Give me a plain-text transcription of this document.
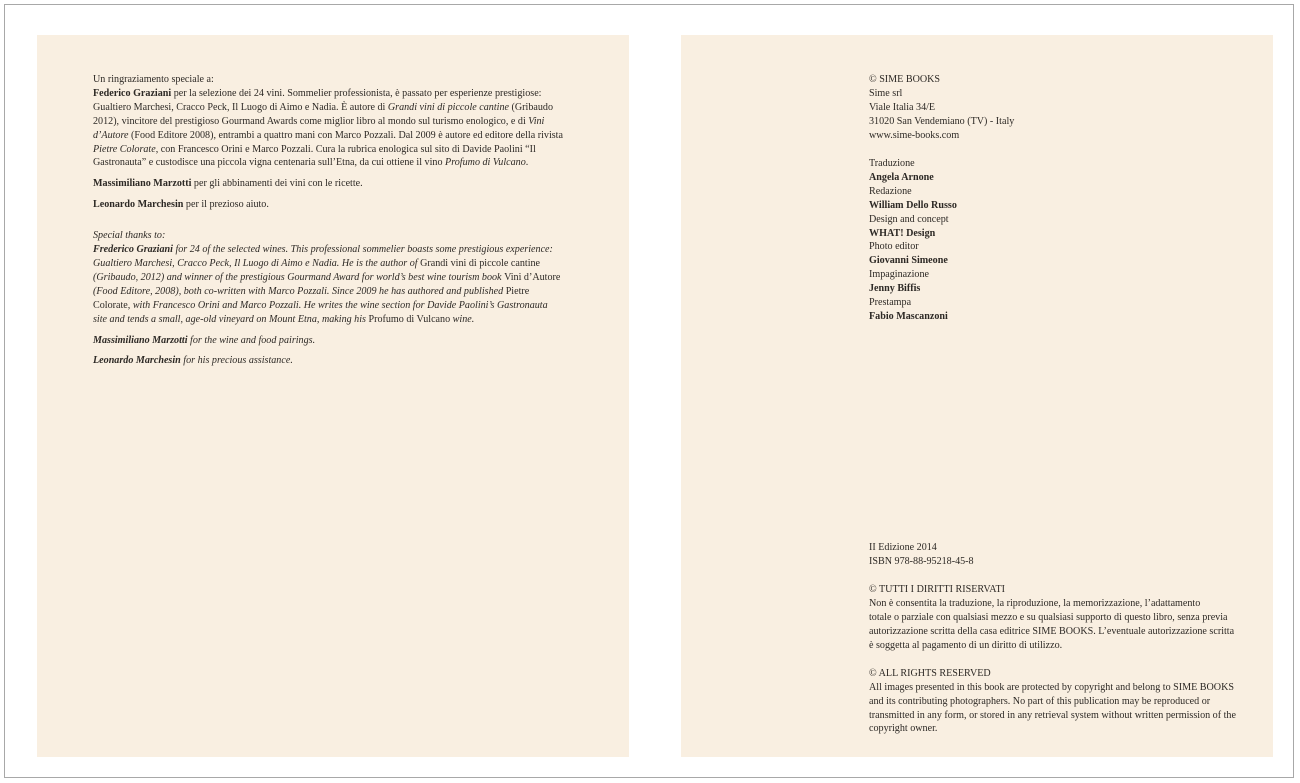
Un ringraziamento speciale a:

Federico Graziani per la selezione dei 24 vini. Sommelier professionista, è passato per esperienze prestigiose: Gualtiero Marchesi, Cracco Peck, Il Luogo di Aimo e Nadia. È autore di Grandi vini di piccole cantine (Gribaudo 2012), vincitore del prestigioso Gourmand Awards come miglior libro al mondo sul turismo enologico, e di Vini d’Autore (Food Editore 2008), entrambi a quattro mani con Marco Pozzali. Dal 2009 è autore ed editore della rivista Pietre Colorate, con Francesco Orini e Marco Pozzali. Cura la rubrica enologica sul sito di Davide Paolini “Il Gastronauta” e custodisce una piccola vigna centenaria sull’Etna, da cui ottiene il vino Profumo di Vulcano.

Massimiliano Marzotti per gli abbinamenti dei vini con le ricette.

Leonardo Marchesin per il prezioso aiuto.

Special thanks to:

Frederico Graziani for 24 of the selected wines. This professional sommelier boasts some prestigious experience: Gualtiero Marchesi, Cracco Peck, Il Luogo di Aimo e Nadia. He is the author of Grandi vini di piccole cantine (Gribaudo, 2012) and winner of the prestigious Gourmand Award for world’s best wine tourism book Vini d’Autore (Food Editore, 2008), both co-written with Marco Pozzali. Since 2009 he has authored and published Pietre Colorate, with Francesco Orini and Marco Pozzali. He writes the wine section for Davide Paolini’s Gastronauta site and tends a small, age-old vineyard on Mount Etna, making his Profumo di Vulcano wine.

Massimiliano Marzotti for the wine and food pairings.

Leonardo Marchesin for his precious assistance.

© SIME BOOKS
Sime srl
Viale Italia 34/E
31020 San Vendemiano (TV) - Italy
www.sime-books.com
Traduzione
Angela Arnone
Redazione
William Dello Russo
Design and concept
WHAT! Design
Photo editor
Giovanni Simeone
Impaginazione
Jenny Biffis
Prestampa
Fabio Mascanzoni
II Edizione 2014
ISBN 978-88-95218-45-8
© TUTTI I DIRITTI RISERVATI
Non è consentita la traduzione, la riproduzione, la memorizzazione, l’adattamento
totale o parziale con qualsiasi mezzo e su qualsiasi supporto di questo libro, senza previa
autorizzazione scritta della casa editrice SIME BOOKS. L’eventuale autorizzazione scritta
è soggetta al pagamento di un diritto di utilizzo.
© ALL RIGHTS RESERVED
All images presented in this book are protected by copyright and belong to SIME BOOKS
and its contributing photographers. No part of this publication may be reproduced or
transmitted in any form, or stored in any retrieval system without written permission of the
copyright owner.
